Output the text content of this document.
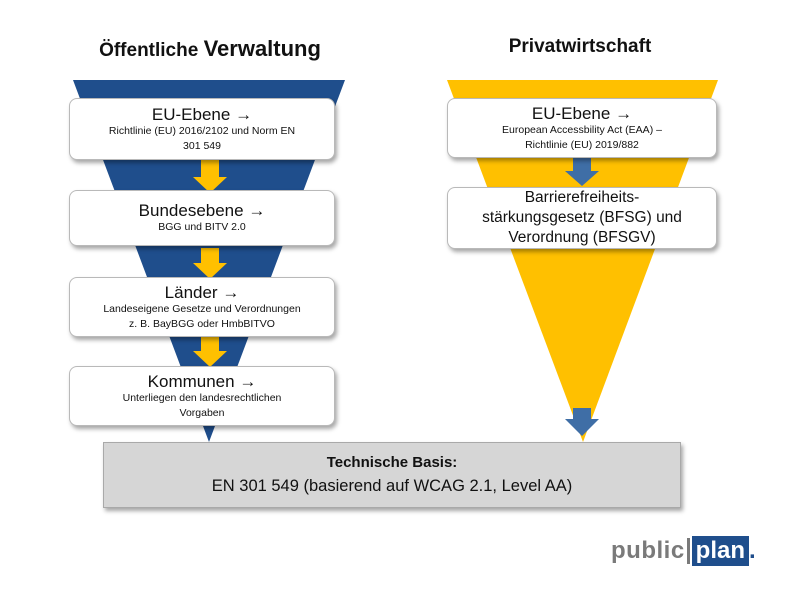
Öffentliche Verwaltung	Privatwirtschaft
EU-Ebene →
Richtlinie (EU) 2016/2102 und Norm EN
301 549
Bundesebene →
BGG und BITV 2.0
Länder →
Landeseigene Gesetze und Verordnungen
z. B. BayBGG oder HmbBITVO
Kommunen →
Unterliegen den landesrechtlichen
Vorgaben
EU-Ebene →
European Accessbility Act (EAA) –
Richtlinie (EU) 2019/882
Barrierefreiheits-
stärkungsgesetz (BFSG) und
Verordnung (BFSGV)
Technische Basis:
EN 301 549 (basierend auf WCAG 2.1, Level AA)
public plan .
